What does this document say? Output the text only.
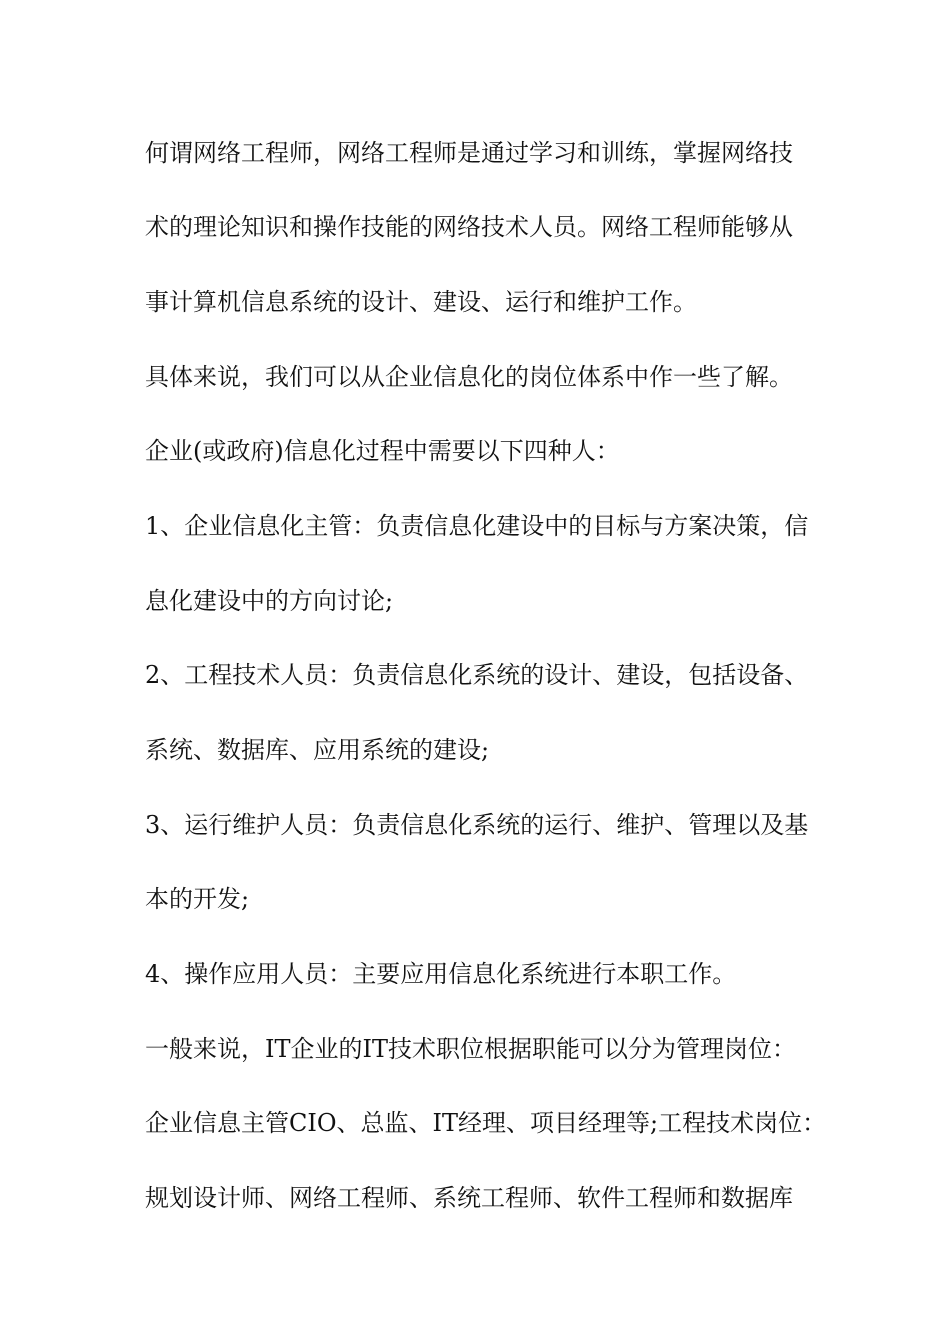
何谓网络工程师，网络工程师是通过学习和训练，掌握网络技
术的理论知识和操作技能的网络技术人员。网络工程师能够从
事计算机信息系统的设计、建设、运行和维护工作。
具体来说，我们可以从企业信息化的岗位体系中作一些了解。
企业(或政府)信息化过程中需要以下四种人：
1、企业信息化主管：负责信息化建设中的目标与方案决策，信
息化建设中的方向讨论;
2、工程技术人员：负责信息化系统的设计、建设，包括设备、
系统、数据库、应用系统的建设;
3、运行维护人员：负责信息化系统的运行、维护、管理以及基
本的开发;
4、操作应用人员：主要应用信息化系统进行本职工作。
一般来说，IT企业的IT技术职位根据职能可以分为管理岗位：
企业信息主管CIO、总监、IT经理、项目经理等;工程技术岗位：
规划设计师、网络工程师、系统工程师、软件工程师和数据库
